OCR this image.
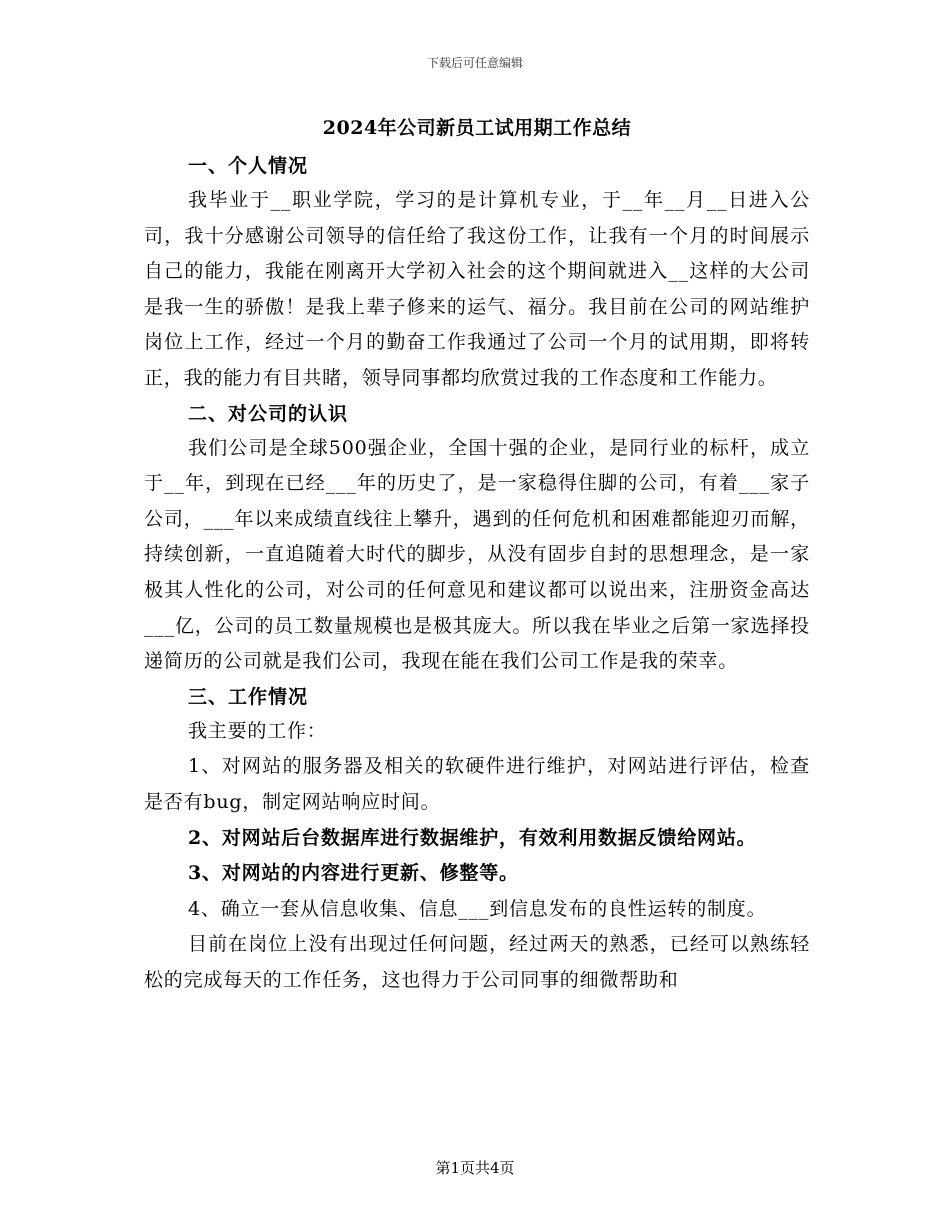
下载后可任意编辑
2024年公司新员工试用期工作总结
一、个人情况
我毕业于__职业学院，学习的是计算机专业，于__年__月__日进入公司，我十分感谢公司领导的信任给了我这份工作，让我有一个月的时间展示自己的能力，我能在刚离开大学初入社会的这个期间就进入__这样的大公司是我一生的骄傲！是我上辈子修来的运气、福分。我目前在公司的网站维护岗位上工作，经过一个月的勤奋工作我通过了公司一个月的试用期，即将转正，我的能力有目共睹，领导同事都均欣赏过我的工作态度和工作能力。
二、对公司的认识
我们公司是全球500强企业，全国十强的企业，是同行业的标杆，成立于__年，到现在已经___年的历史了，是一家稳得住脚的公司，有着___家子公司，___年以来成绩直线往上攀升，遇到的任何危机和困难都能迎刃而解，持续创新，一直追随着大时代的脚步，从没有固步自封的思想理念，是一家极其人性化的公司，对公司的任何意见和建议都可以说出来，注册资金高达___亿，公司的员工数量规模也是极其庞大。所以我在毕业之后第一家选择投递简历的公司就是我们公司，我现在能在我们公司工作是我的荣幸。
三、工作情况
我主要的工作：
1、对网站的服务器及相关的软硬件进行维护，对网站进行评估，检查是否有bug，制定网站响应时间。
2、对网站后台数据库进行数据维护，有效利用数据反馈给网站。
3、对网站的内容进行更新、修整等。
4、确立一套从信息收集、信息___到信息发布的良性运转的制度。
目前在岗位上没有出现过任何问题，经过两天的熟悉，已经可以熟练轻松的完成每天的工作任务，这也得力于公司同事的细微帮助和
第1页共4页
